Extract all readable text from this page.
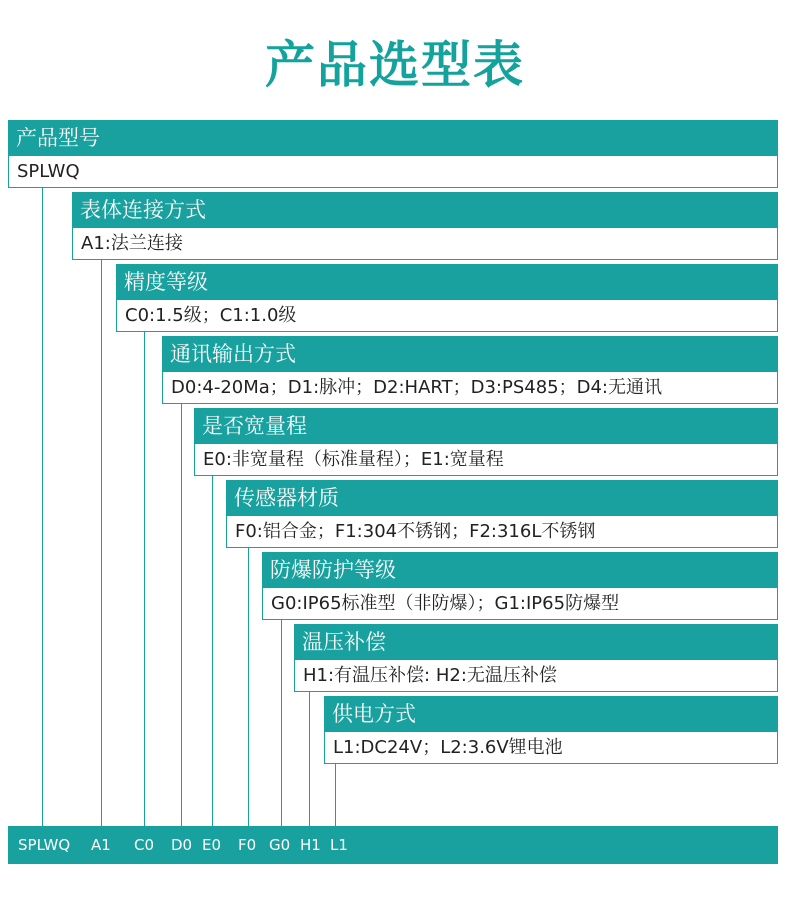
产品选型表
产品型号
SPLWQ
表体连接方式
A1:法兰连接
精度等级
C0:1.5级；C1:1.0级
通讯输出方式
D0:4-20Ma；D1:脉冲；D2:HART；D3:PS485；D4:无通讯
是否宽量程
E0:非宽量程（标准量程）；E1:宽量程
传感器材质
F0:铝合金；F1:304不锈钢；F2:316L不锈钢
防爆防护等级
G0:IP65标准型（非防爆）；G1:IP65防爆型
温压补偿
H1:有温压补偿: H2:无温压补偿
供电方式
L1:DC24V；L2:3.6V锂电池
SPLWQ A1 C0 D0 E0 F0 G0 H1 L1
